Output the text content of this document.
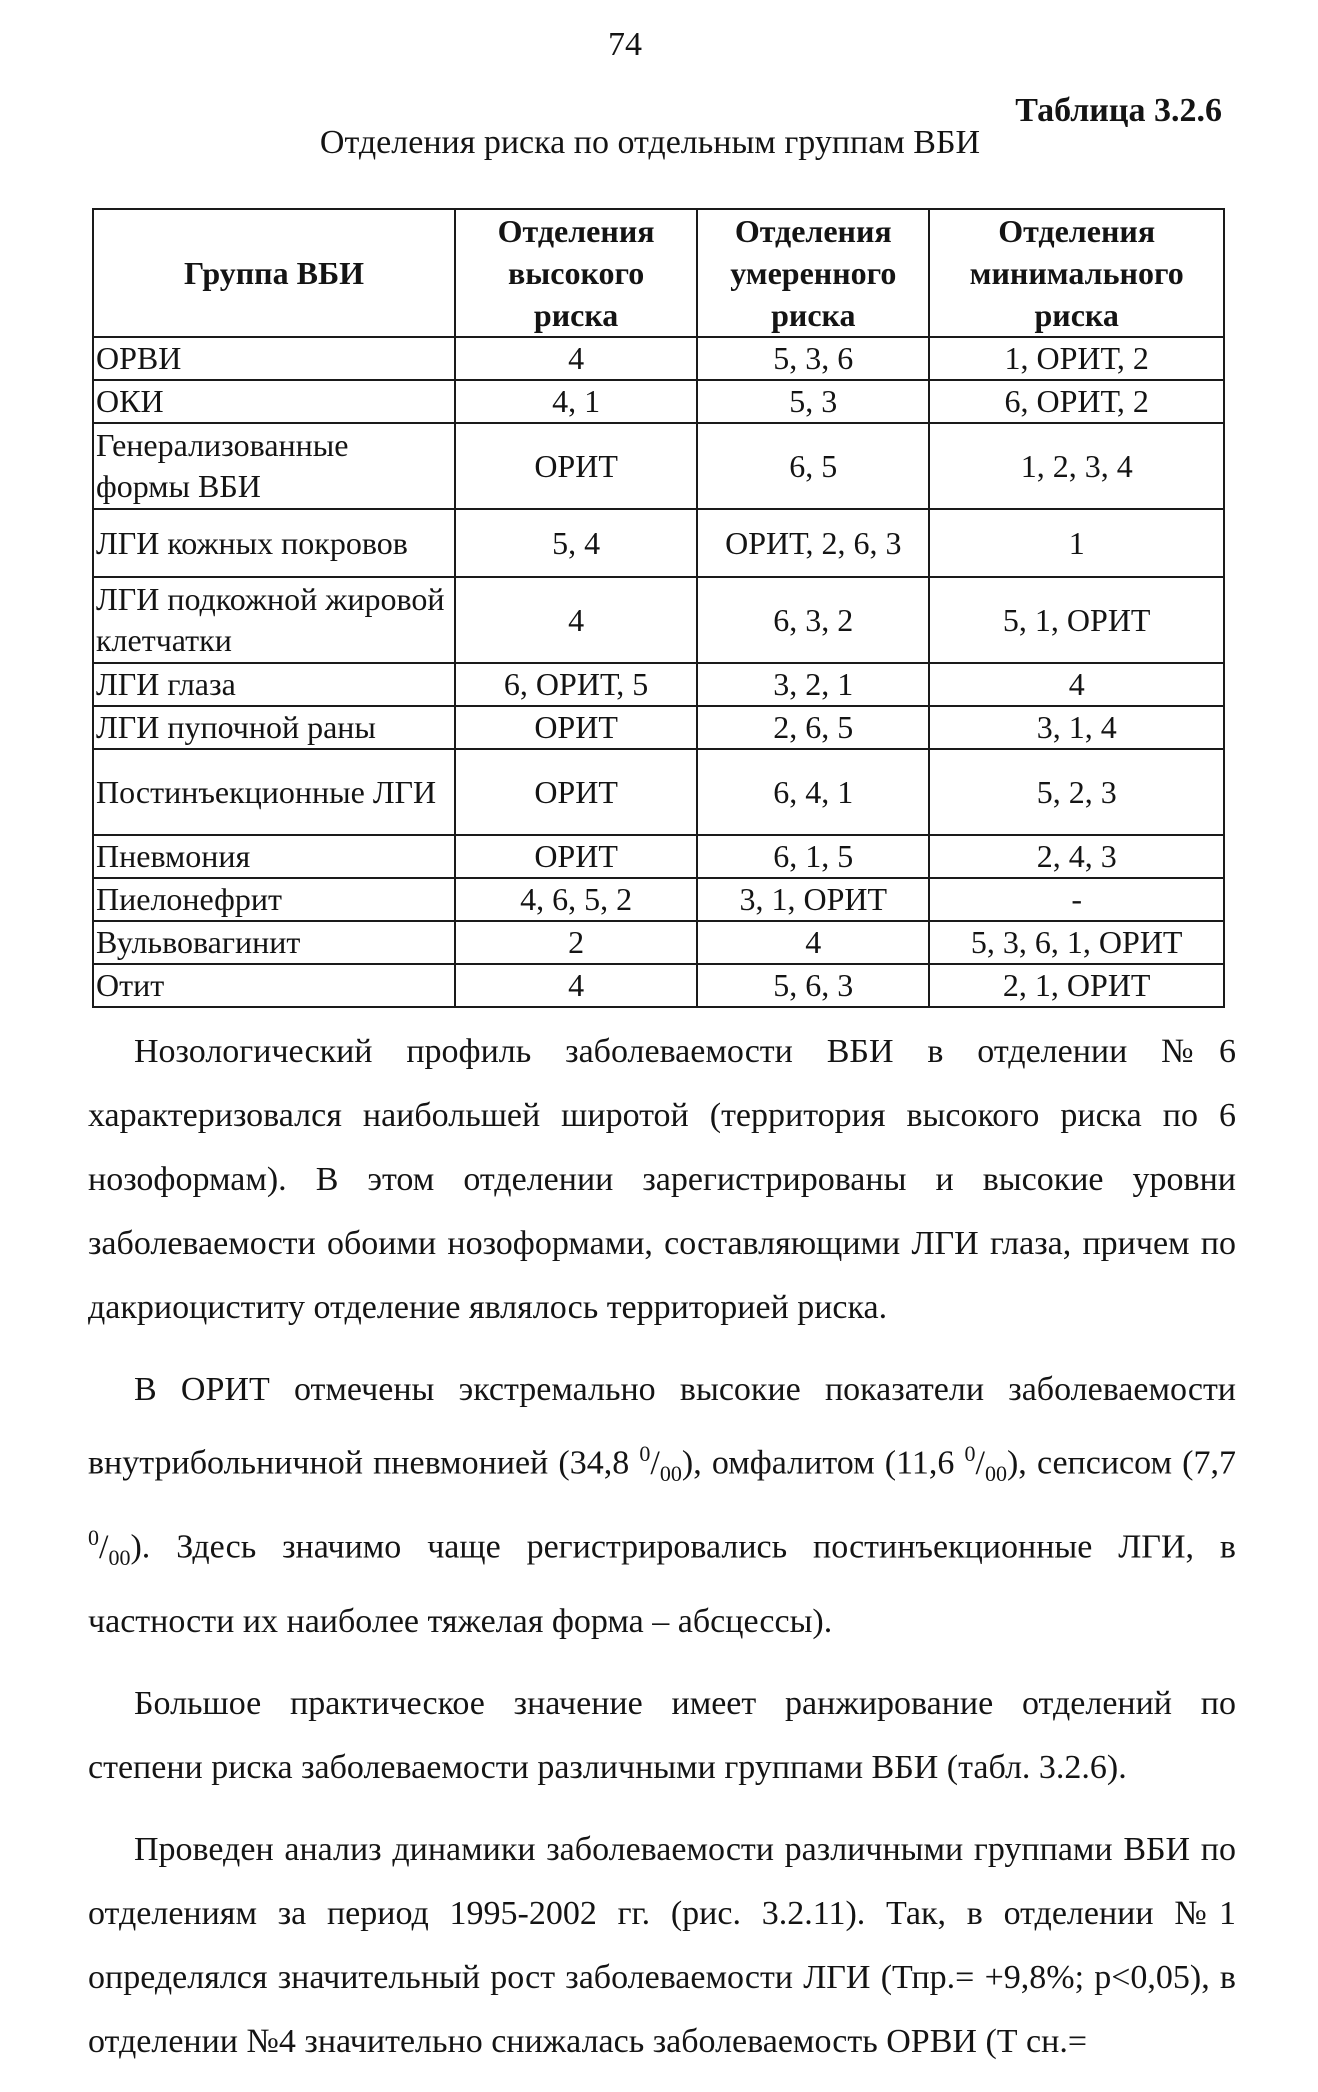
74
Таблица 3.2.6
Отделения риска по отдельным группам ВБИ
Группа ВБИ	Отделения высокого риска	Отделения умеренного риска	Отделения минимального риска
ОРВИ	4	5, 3, 6	1, ОРИТ, 2
ОКИ	4, 1	5, 3	6, ОРИТ, 2
Генерализованные формы ВБИ	ОРИТ	6, 5	1, 2, 3, 4
ЛГИ кожных покровов	5, 4	ОРИТ, 2, 6, 3	1
ЛГИ подкожной жировой клетчатки	4	6, 3, 2	5, 1, ОРИТ
ЛГИ глаза	6, ОРИТ, 5	3, 2, 1	4
ЛГИ пупочной раны	ОРИТ	2, 6, 5	3, 1, 4
Постинъекционные ЛГИ	ОРИТ	6, 4, 1	5, 2, 3
Пневмония	ОРИТ	6, 1, 5	2, 4, 3
Пиелонефрит	4, 6, 5, 2	3, 1, ОРИТ	-
Вульвовагинит	2	4	5, 3, 6, 1, ОРИТ
Отит	4	5, 6, 3	2, 1, ОРИТ

Нозологический профиль заболеваемости ВБИ в отделении №6 характеризовался наибольшей широтой (территория высокого риска по 6 нозоформам). В этом отделении зарегистрированы и высокие уровни заболеваемости обоими нозоформами, составляющими ЛГИ глаза, причем по дакриоциститу отделение являлось территорией риска.

В ОРИТ отмечены экстремально высокие показатели заболеваемости внутрибольничной пневмонией (34,8 $^0/_{00}$), омфалитом (11,6 $^0/_{00}$), сепсисом (7,7 $^0/_{00}$). Здесь значимо чаще регистрировались постинъекционные ЛГИ, в частности их наиболее тяжелая форма – абсцессы).

Большое практическое значение имеет ранжирование отделений по степени риска заболеваемости различными группами ВБИ (табл. 3.2.6).

Проведен анализ динамики заболеваемости различными группами ВБИ по отделениям за период 1995-2002 гг. (рис. 3.2.11). Так, в отделении №1 определялся значительный рост заболеваемости ЛГИ (Тпр.= +9,8%; p<0,05), в отделении №4 значительно снижалась заболеваемость ОРВИ (Т сн.=
